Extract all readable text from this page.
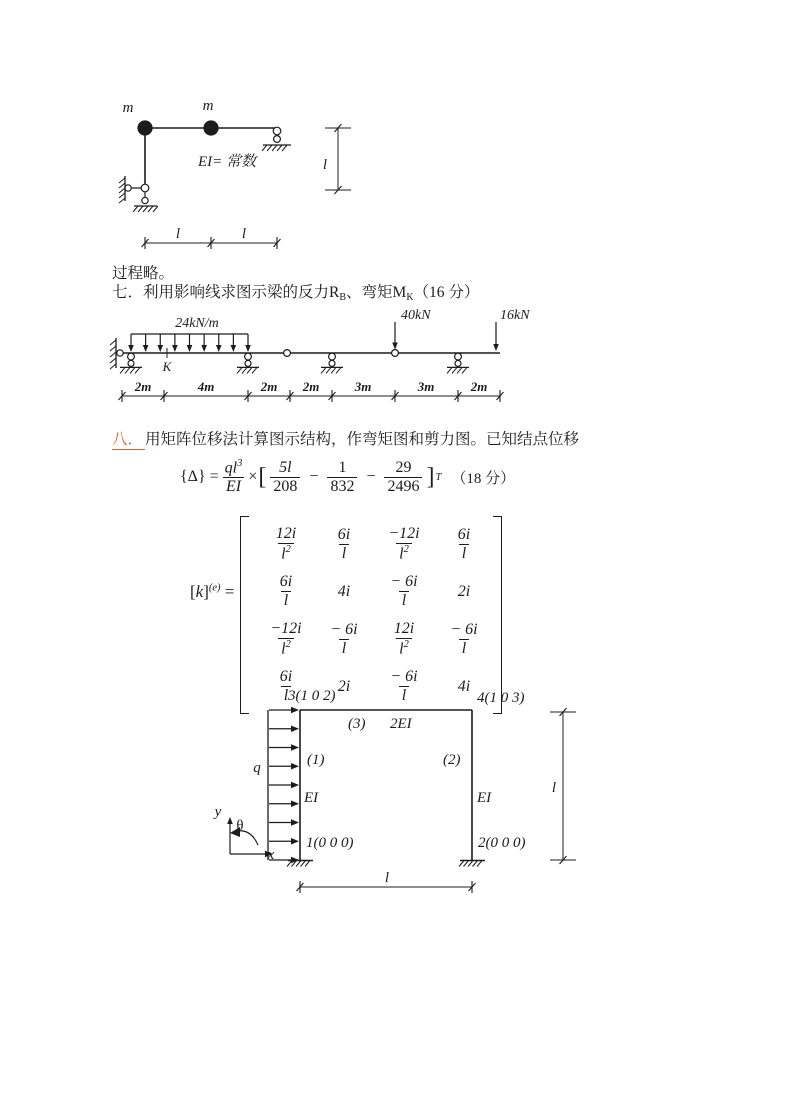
m	m
EI= 常数	l
l	l
过程略。
七．利用影响线求图示梁的反力$R_B$、弯矩$M_K(16$ 分）
24kN/m
K
40kN	16kN
2m	4m	2m 2m	3m	3m	2m
八． 用矩阵位移法计算图示结构，作弯矩图和剪力图。已知结点位移
$\{\Delta\} = \frac{ql^3}{EI}$ × [ $\frac{5l}{208} - \frac{1}{832} - \frac{29}{2496}$ ] T （18 分）
$[k]^{(e)}$ =
$\frac{12i}{l^2} \frac{6i}{l} \frac{-12i}{l^2} \frac{6i}{l}$
$\frac{6i}{l}$	$4i \frac{- 6i}{l} 2i$
$\frac{-12i}{l^2} \frac{- 6i}{l} \frac{12i}{l^2} \frac{- 6i}{l}$
$\frac{6i}{l}$	$2i \frac{- 6i}{l} 4i$
3(1 0 2)	4(1 0 3)
1(0 0 0)	2(0 0 0)
(1)	(2)
(3) 2EI
EI	EI
q
y
x
θ
l
l
